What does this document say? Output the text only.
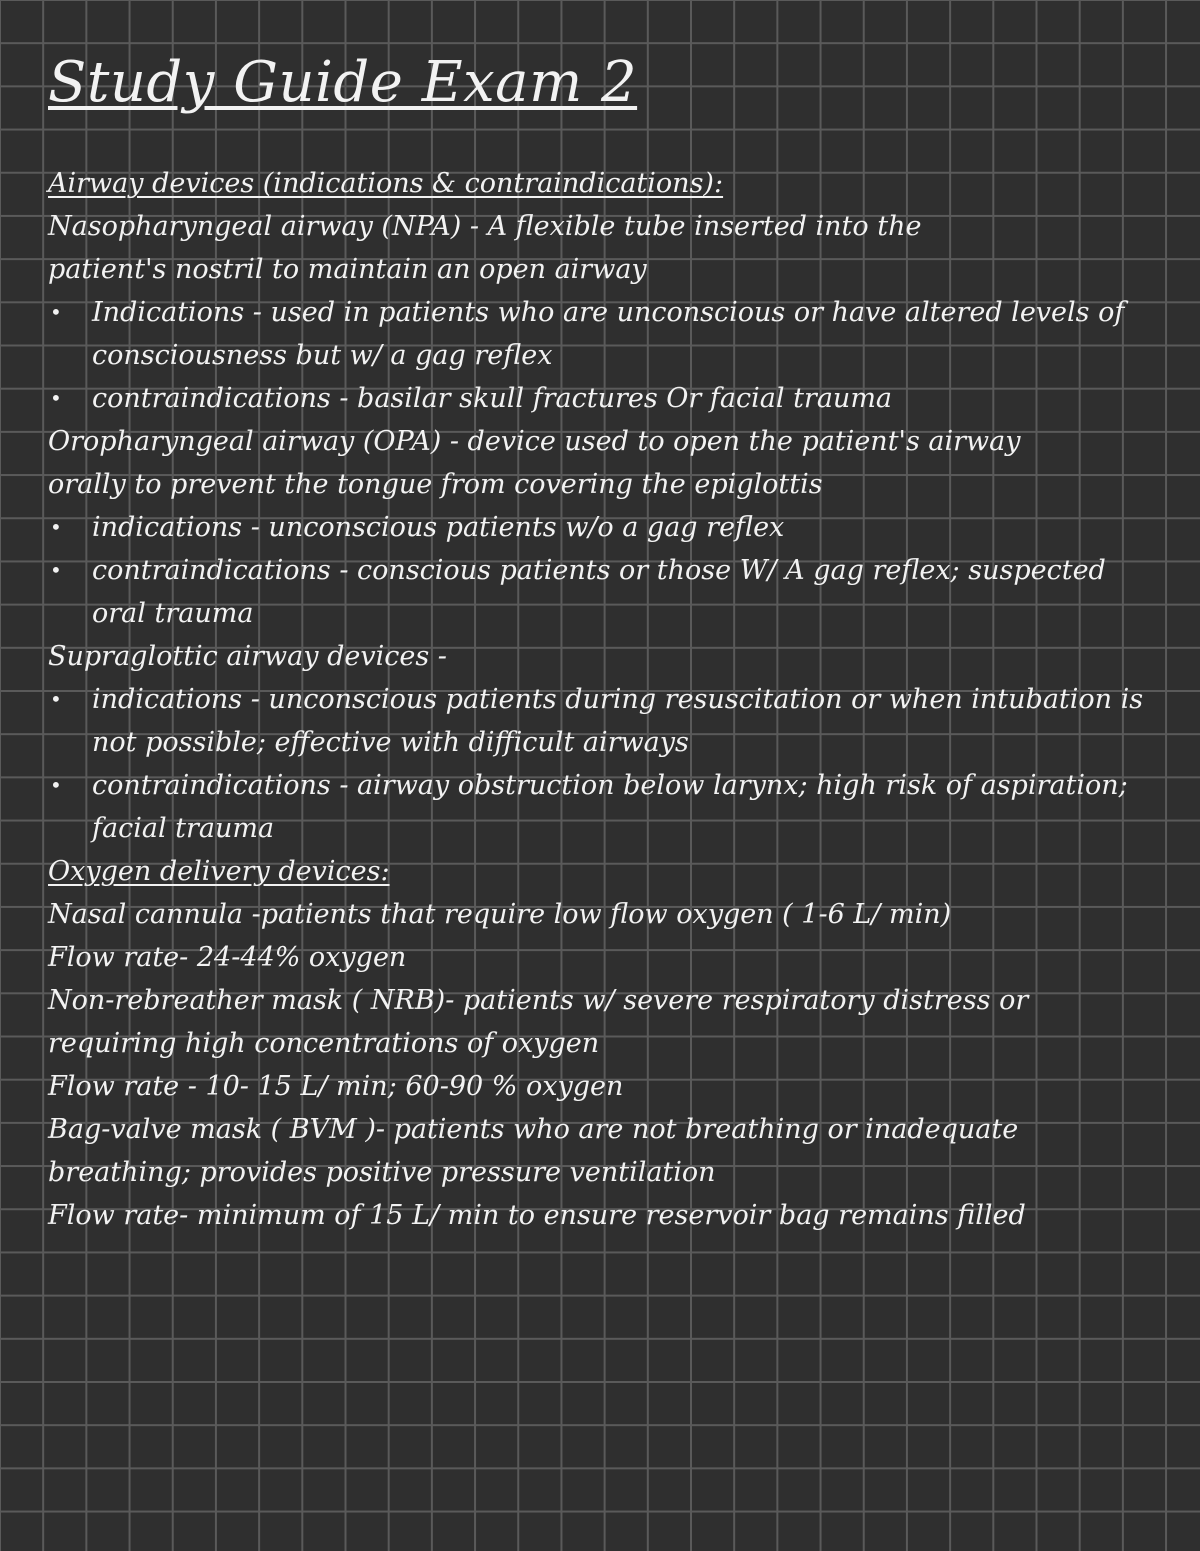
Study Guide Exam 2

Airway devices (indications & contraindications):

Nasopharyngeal airway (NPA) - A flexible tube inserted into the

patient's nostril to maintain an open airway

•	Indications - used in patients who are unconscious or have altered levels of consciousness but w/ a gag reflex
•	contraindications - basilar skull fractures Or facial trauma

Oropharyngeal airway (OPA) - device used to open the patient's airway

orally to prevent the tongue from covering the epiglottis

•	indications - unconscious patients w/o a gag reflex
•	contraindications - conscious patients or those W/ A gag reflex; suspected oral trauma

Supraglottic airway devices -

•	indications - unconscious patients during resuscitation or when intubation is not possible; effective with difficult airways
•	contraindications - airway obstruction below larynx; high risk of aspiration; facial trauma

Oxygen delivery devices:

Nasal cannula -patients that require low flow oxygen ( 1-6 L/ min)

Flow rate- 24-44% oxygen

Non-rebreather mask ( NRB)- patients w/ severe respiratory distress or

requiring high concentrations of oxygen

Flow rate - 10- 15 L/ min; 60-90 % oxygen

Bag-valve mask ( BVM )- patients who are not breathing or inadequate

breathing; provides positive pressure ventilation

Flow rate- minimum of 15 L/ min to ensure reservoir bag remains filled
